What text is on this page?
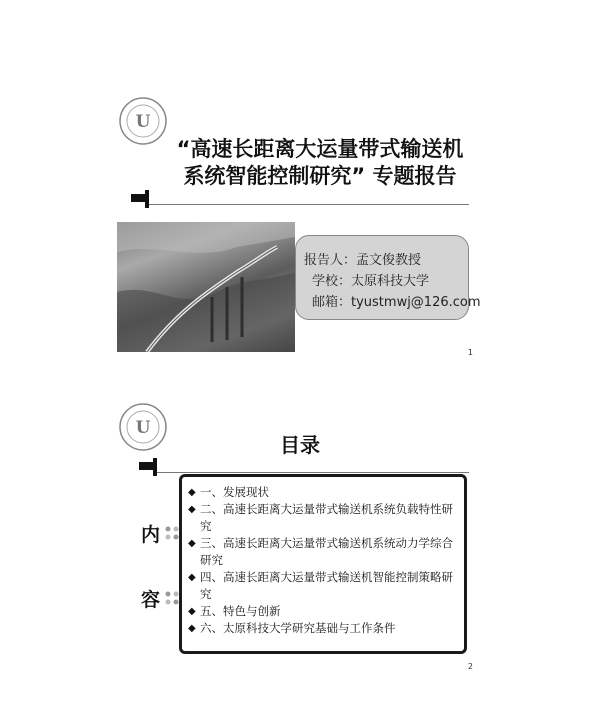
U
“高速长距离大运量带式输送机
系统智能控制研究” 专题报告
报告人：孟文俊教授
学校：太原科技大学
邮箱：tyustmwj@126.com
1
U
目录
内
容
◆ 一、发展现状
◆ 二、高速长距离大运量带式输送机系统负载特性研究
◆ 三、高速长距离大运量带式输送机系统动力学综合研究
◆ 四、高速长距离大运量带式输送机智能控制策略研究
◆ 五、特色与创新
◆ 六、太原科技大学研究基础与工作条件
2
